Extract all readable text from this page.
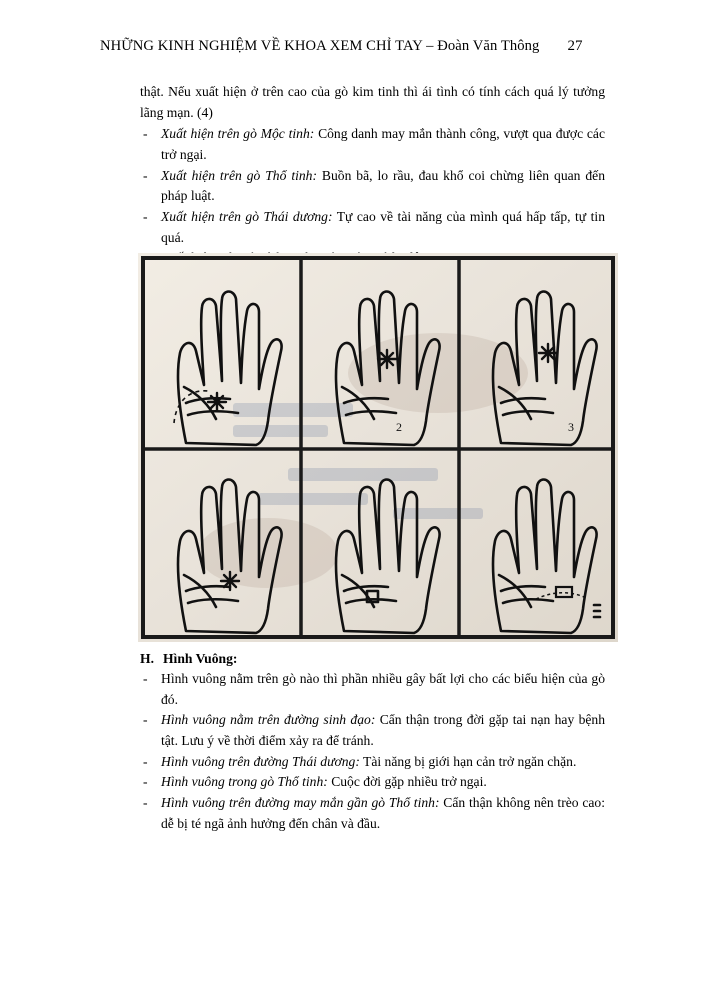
NHỮNG KINH NGHIỆM VỀ KHOA XEM CHỈ TAY – Đoàn Văn Thông 27

thật. Nếu xuất hiện ở trên cao của gò kim tinh thì ái tình có tính cách quá lý tưởng lãng mạn. (4)

- Xuất hiện trên gò Mộc tinh: Công danh may mắn thành công, vượt qua được các trở ngại.
- Xuất hiện trên gò Thổ tinh: Buồn bã, lo rầu, đau khổ coi chừng liên quan đến pháp luật.
- Xuất hiện trên gò Thái dương: Tự cao về tài năng của mình quá hấp tấp, tự tin quá.
-
2	3
H. Hình Vuông:
- Hình vuông nằm trên gò nào thì phần nhiều gây bất lợi cho các biểu hiện của gò đó.
- Hình vuông nằm trên đường sinh đạo: Cẩn thận trong đời gặp tai nạn hay bệnh tật. Lưu ý về thời điểm xảy ra để tránh.
- Hình vuông trên đường Thái dương: Tài năng bị giới hạn cản trở ngăn chặn.
- Hình vuông trong gò Thổ tinh: Cuộc đời gặp nhiều trở ngại.
- Hình vuông trên đường may mắn gần gò Thổ tinh: Cẩn thận không nên trèo cao: dễ bị té ngã ảnh hưởng đến chân và đầu.
